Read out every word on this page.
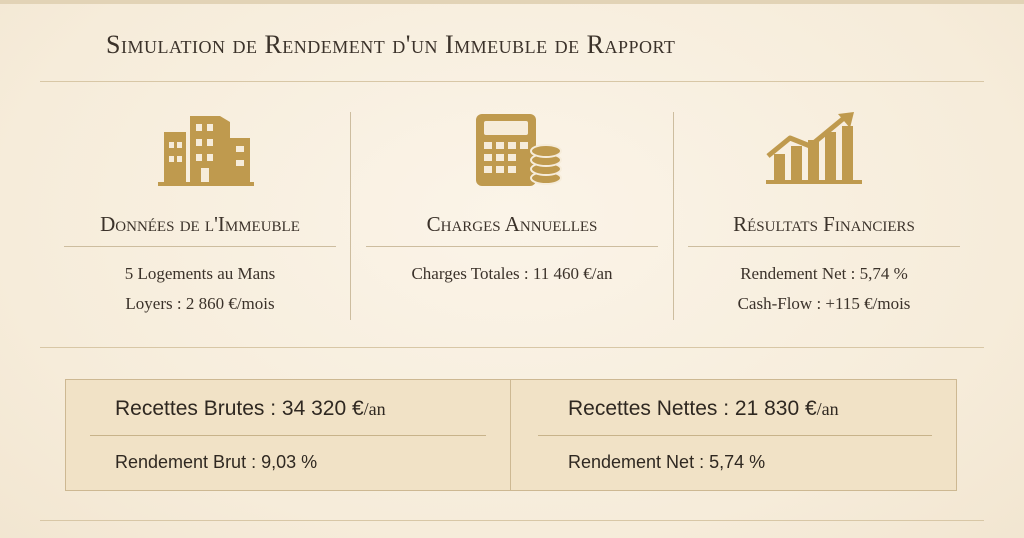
Simulation de Rendement d'un Immeuble de Rapport
Données de l'Immeuble
5 Logements au Mans
Loyers : 2 860 €/mois
Charges Annuelles
Charges Totales : 11 460 €/an
Résultats Financiers
Rendement Net : 5,74 %
Cash-Flow : +115 €/mois
Recettes Brutes : 34 320 €/an
Rendement Brut : 9,03 %
Recettes Nettes : 21 830 €/an
Rendement Net : 5,74 %
